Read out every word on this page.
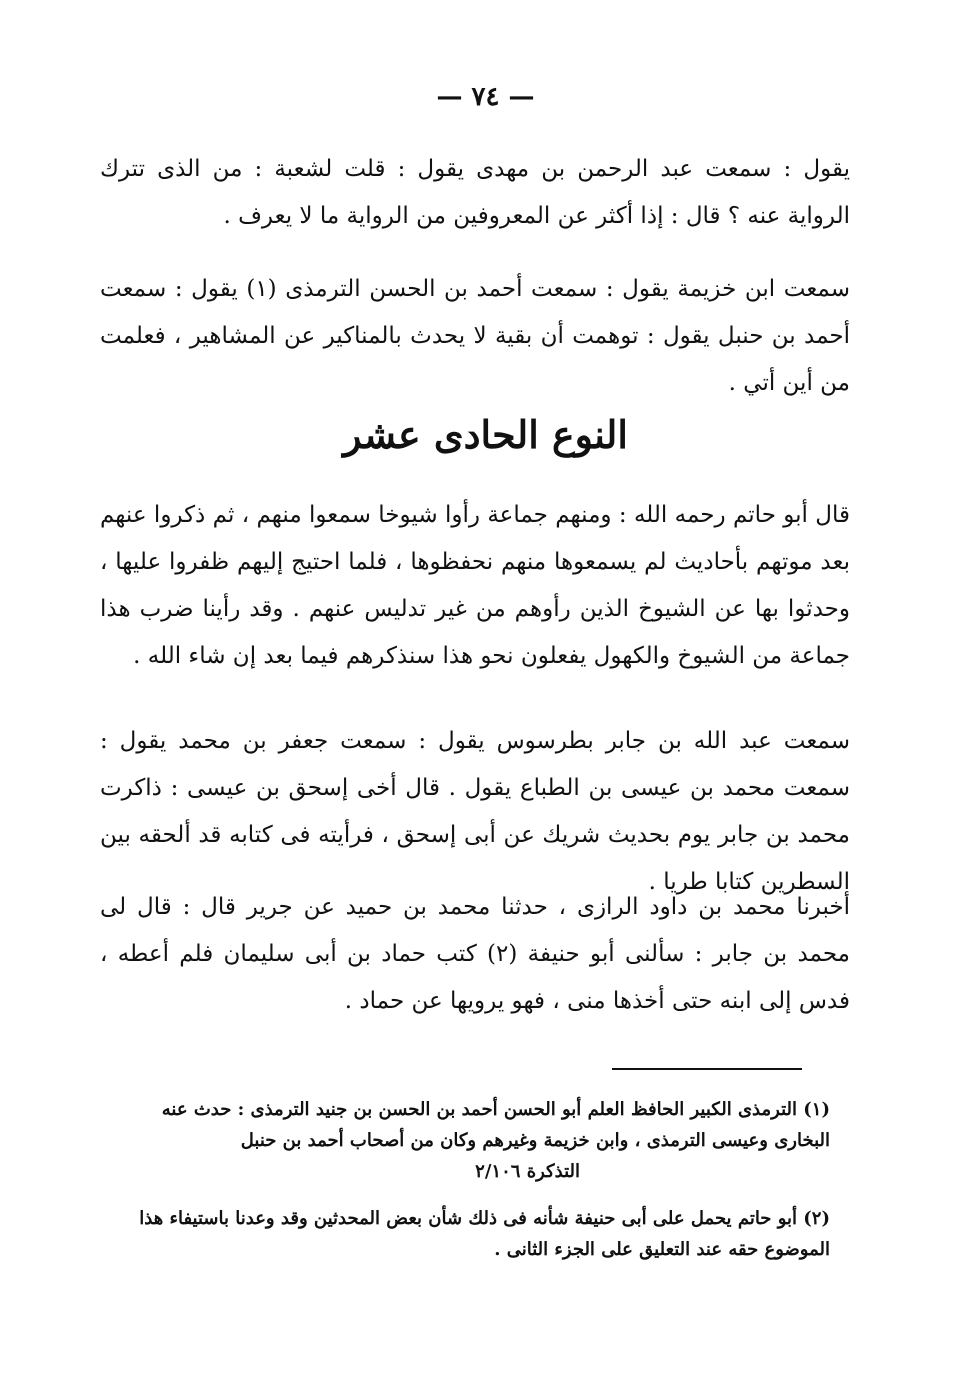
— ٧٤ —

يقول : سمعت عبد الرحمن بن مهدى يقول : قلت لشعبة : من الذى تترك الرواية عنه ؟ قال : إذا أكثر عن المعروفين من الرواية ما لا يعرف .

سمعت ابن خزيمة يقول : سمعت أحمد بن الحسن الترمذى (١) يقول : سمعت أحمد بن حنبل يقول : توهمت أن بقية لا يحدث بالمناكير عن المشاهير ، فعلمت من أين أتي .

النوع الحادى عشر

قال أبو حاتم رحمه الله : ومنهم جماعة رأوا شيوخا سمعوا منهم ، ثم ذكروا عنهم بعد موتهم بأحاديث لم يسمعوها منهم نحفظوها ، فلما احتيج إليهم ظفروا عليها ، وحدثوا بها عن الشيوخ الذين رأوهم من غير تدليس عنهم . وقد رأينا ضرب هذا جماعة من الشيوخ والكهول يفعلون نحو هذا سنذكرهم فيما بعد إن شاء الله .

سمعت عبد الله بن جابر بطرسوس يقول : سمعت جعفر بن محمد يقول : سمعت محمد بن عيسى بن الطباع يقول . قال أخى إسحق بن عيسى : ذاكرت محمد بن جابر يوم بحديث شريك عن أبى إسحق ، فرأيته فى كتابه قد ألحقه بين السطرين كتابا طريا .

أخبرنا محمد بن داود الرازى ، حدثنا محمد بن حميد عن جرير قال : قال لى محمد بن جابر : سألنى أبو حنيفة (٢) كتب حماد بن أبى سليمان فلم أعطه ، فدس إلى ابنه حتى أخذها منى ، فهو يرويها عن حماد .

(١) الترمذى الكبير الحافظ العلم أبو الحسن أحمد بن الحسن بن جنيد الترمذى : حدث عنه البخارى وعيسى الترمذى ، وابن خزيمة وغيرهم وكان من أصحاب أحمد بن حنبل
التذكرة ٢/١٠٦
(٢) أبو حاتم يحمل على أبى حنيفة شأنه فى ذلك شأن بعض المحدثين وقد وعدنا باستيفاء هذا الموضوع حقه عند التعليق على الجزء الثانى .
